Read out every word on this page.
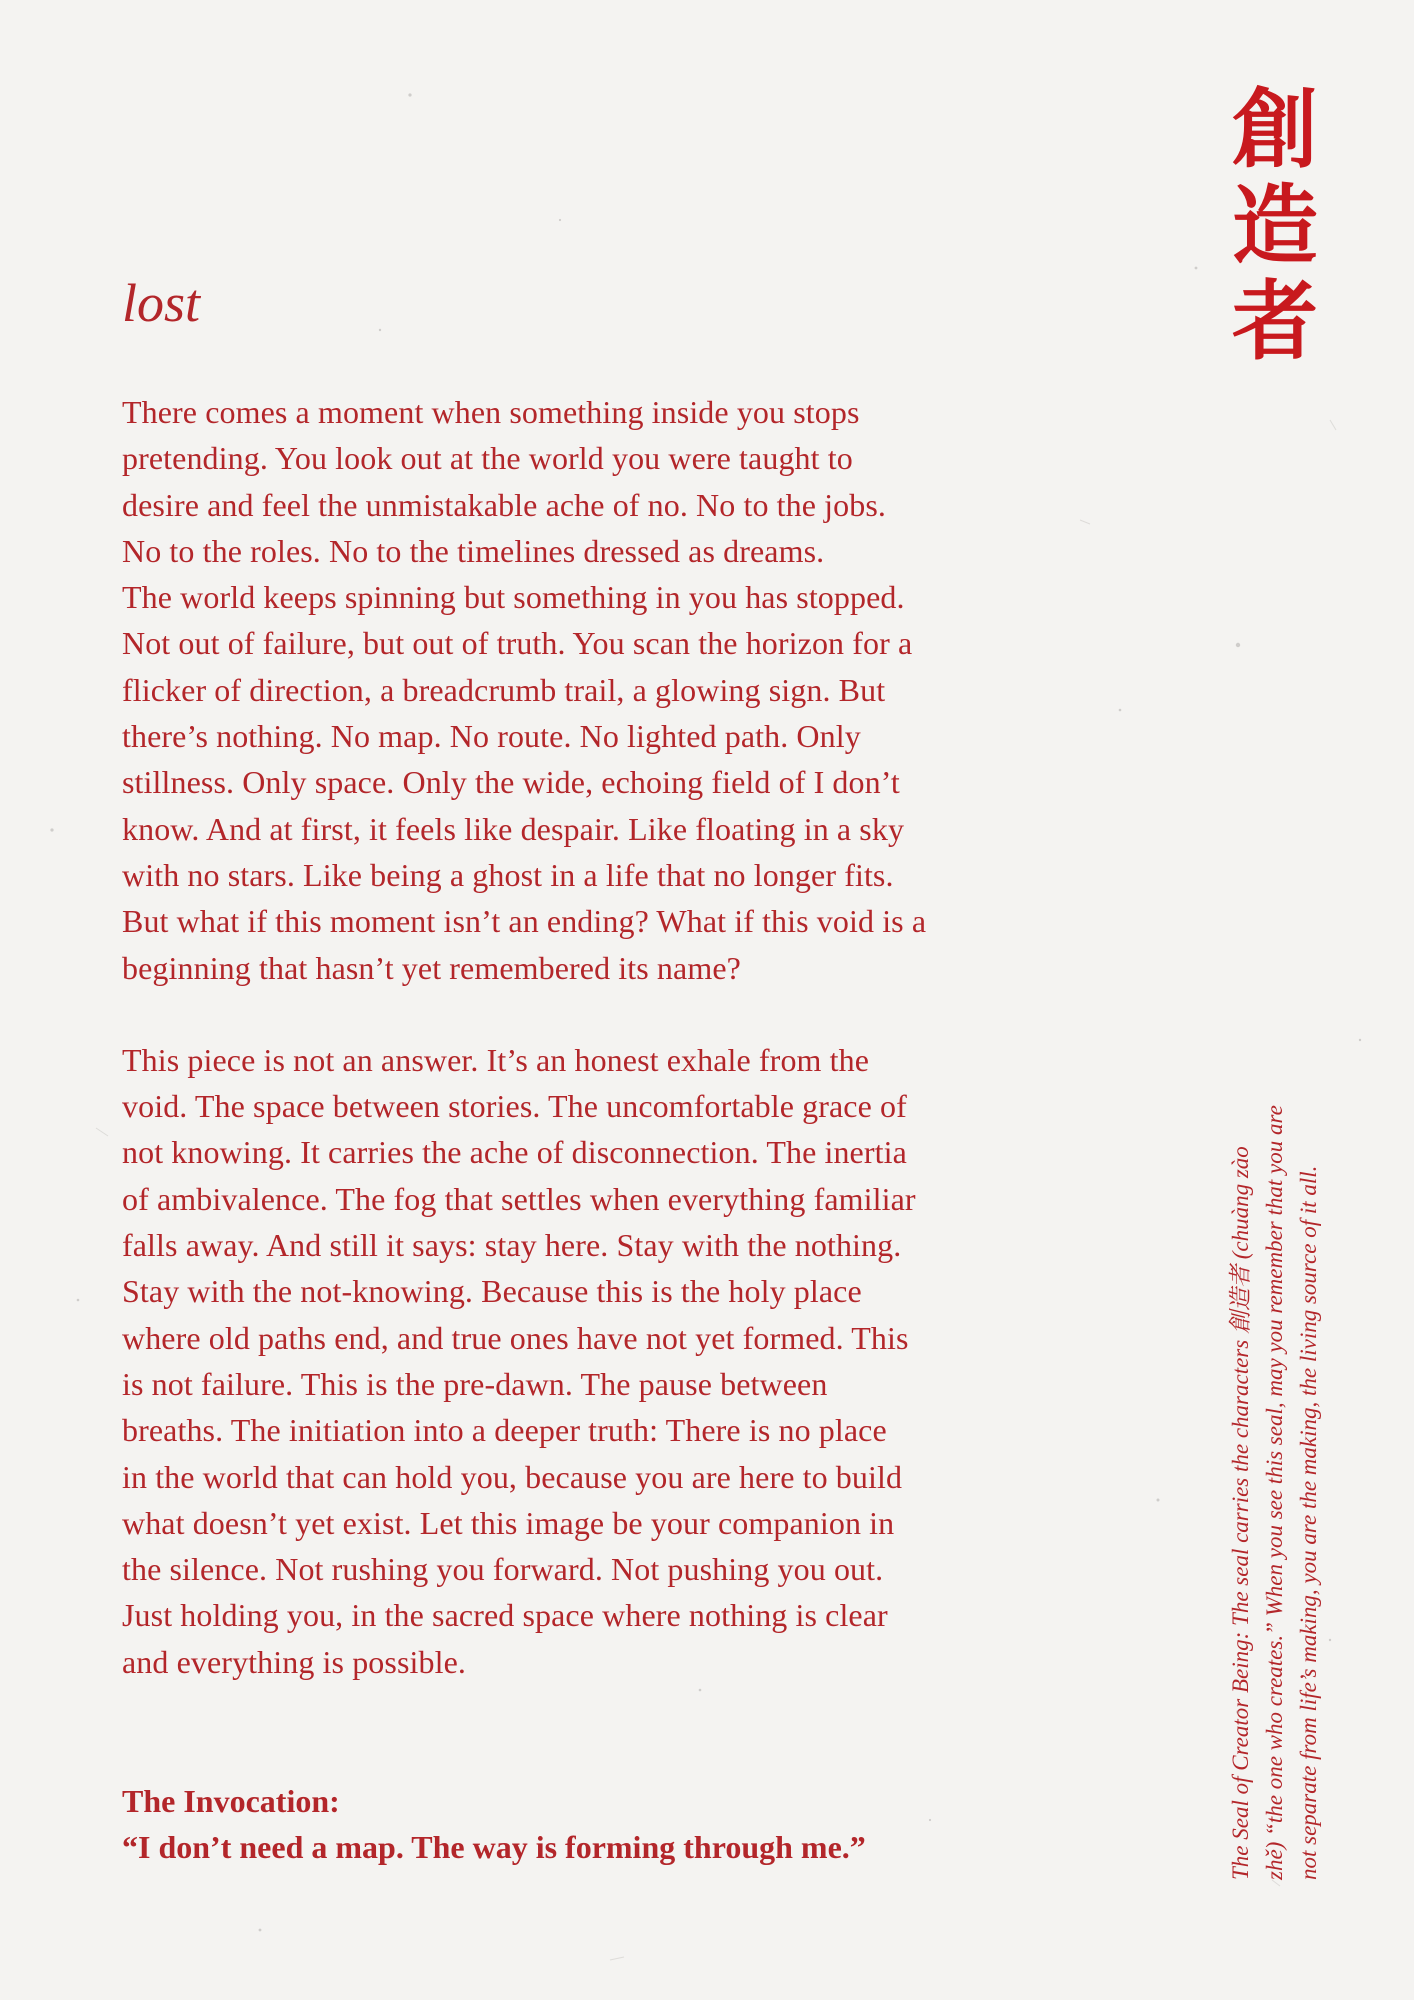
創
造
者
lost

There comes a moment when something inside you stops

pretending. You look out at the world you were taught to

desire and feel the unmistakable ache of no. No to the jobs.

No to the roles. No to the timelines dressed as dreams.

The world keeps spinning but something in you has stopped.

Not out of failure, but out of truth. You scan the horizon for a

flicker of direction, a breadcrumb trail, a glowing sign. But

there’s nothing. No map. No route. No lighted path. Only

stillness. Only space. Only the wide, echoing field of I don’t

know. And at first, it feels like despair. Like floating in a sky

with no stars. Like being a ghost in a life that no longer fits.

But what if this moment isn’t an ending? What if this void is a

beginning that hasn’t yet remembered its name?

This piece is not an answer. It’s an honest exhale from the

void. The space between stories. The uncomfortable grace of

not knowing. It carries the ache of disconnection. The inertia

of ambivalence. The fog that settles when everything familiar

falls away. And still it says: stay here. Stay with the nothing.

Stay with the not-knowing. Because this is the holy place

where old paths end, and true ones have not yet formed. This

is not failure. This is the pre-dawn. The pause between

breaths. The initiation into a deeper truth: There is no place

in the world that can hold you, because you are here to build

what doesn’t yet exist. Let this image be your companion in

the silence. Not rushing you forward. Not pushing you out.

Just holding you, in the sacred space where nothing is clear

and everything is possible.

The Invocation:
“I don’t need a map. The way is forming through me.”	The Seal of Creator Being: The seal carries the characters 創造者 (chuàng zào zhě) “the one who creates.” When you see this seal, may you remember that you are not separate from life’s making, you are the making, the living source of it all.
